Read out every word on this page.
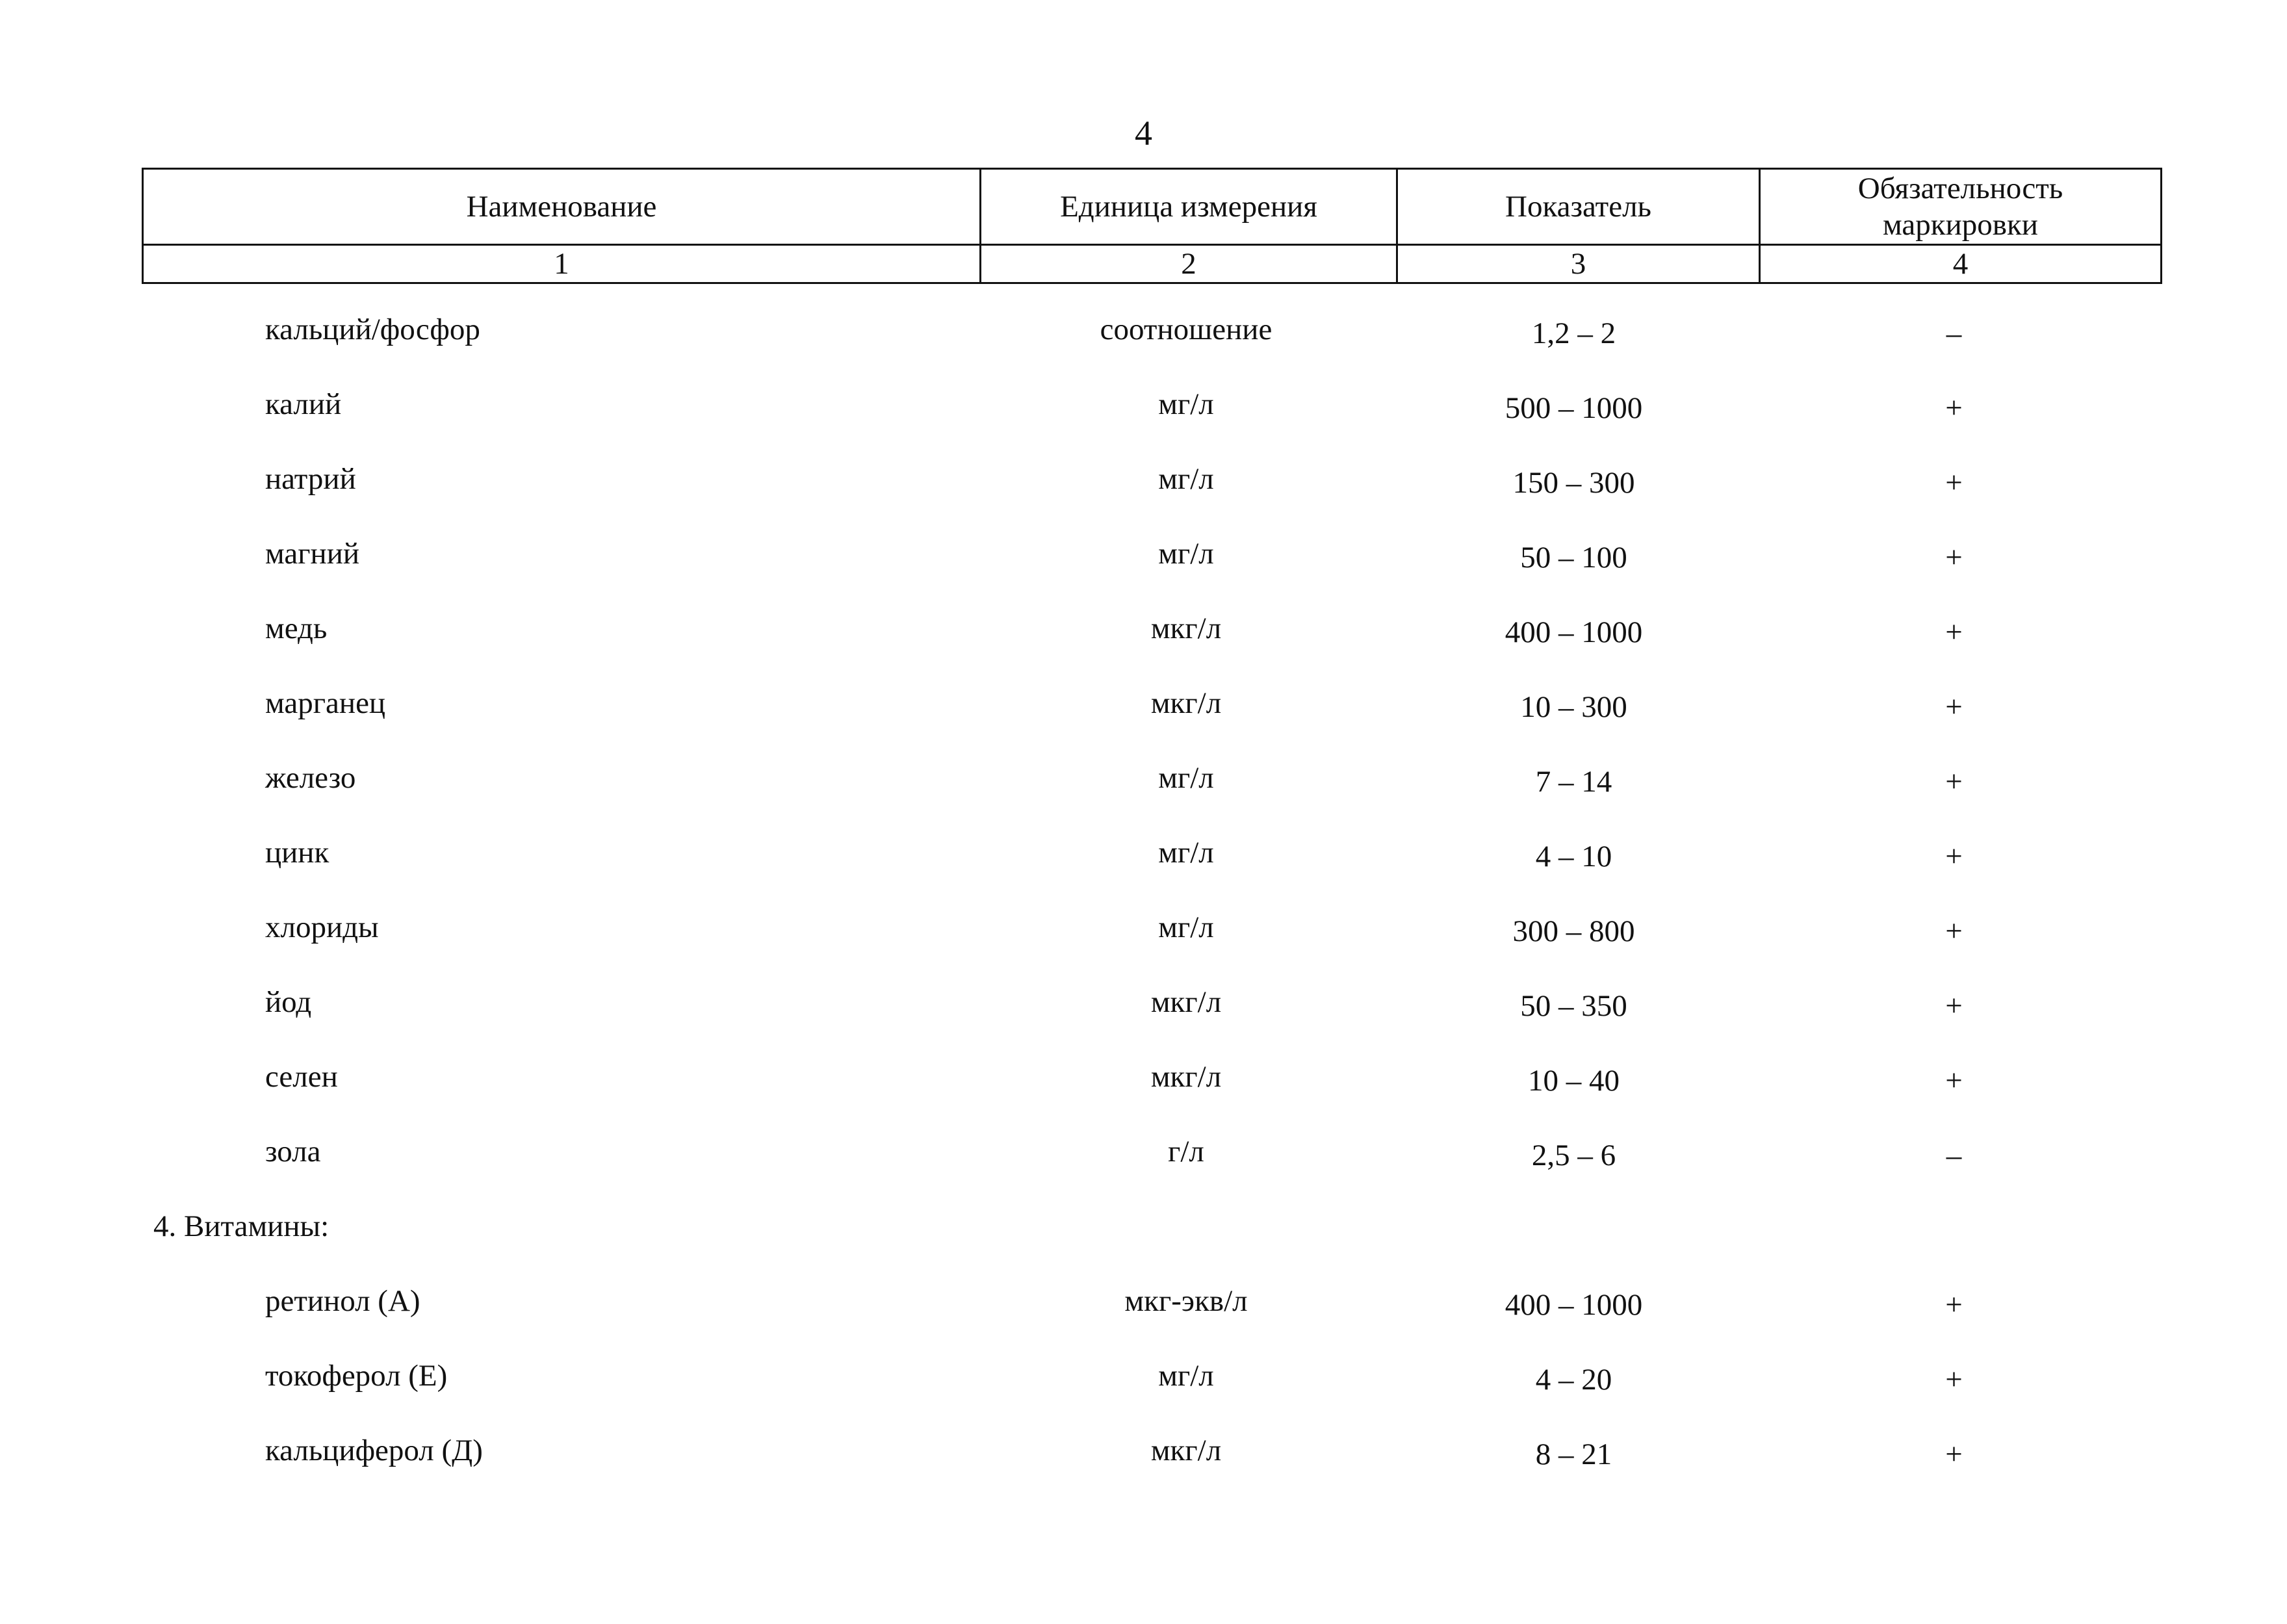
4
Наименование	Единица измерения	Показатель	Обязательность маркировки
1	2	3	4
кальций/фосфор	соотношение	1,2 – 2	–
калий	мг/л	500 – 1000	+
натрий	мг/л	150 – 300	+
магний	мг/л	50 – 100	+
медь	мкг/л	400 – 1000	+
марганец	мкг/л	10 – 300	+
железо	мг/л	7 – 14	+
цинк	мг/л	4 – 10	+
хлориды	мг/л	300 – 800	+
йод	мкг/л	50 – 350	+
селен	мкг/л	10 – 40	+
зола	г/л	2,5 – 6	–
4. Витамины:
ретинол (А)	мкг-экв/л	400 – 1000	+
токоферол (Е)	мг/л	4 – 20	+
кальциферол (Д)	мкг/л	8 – 21	+
